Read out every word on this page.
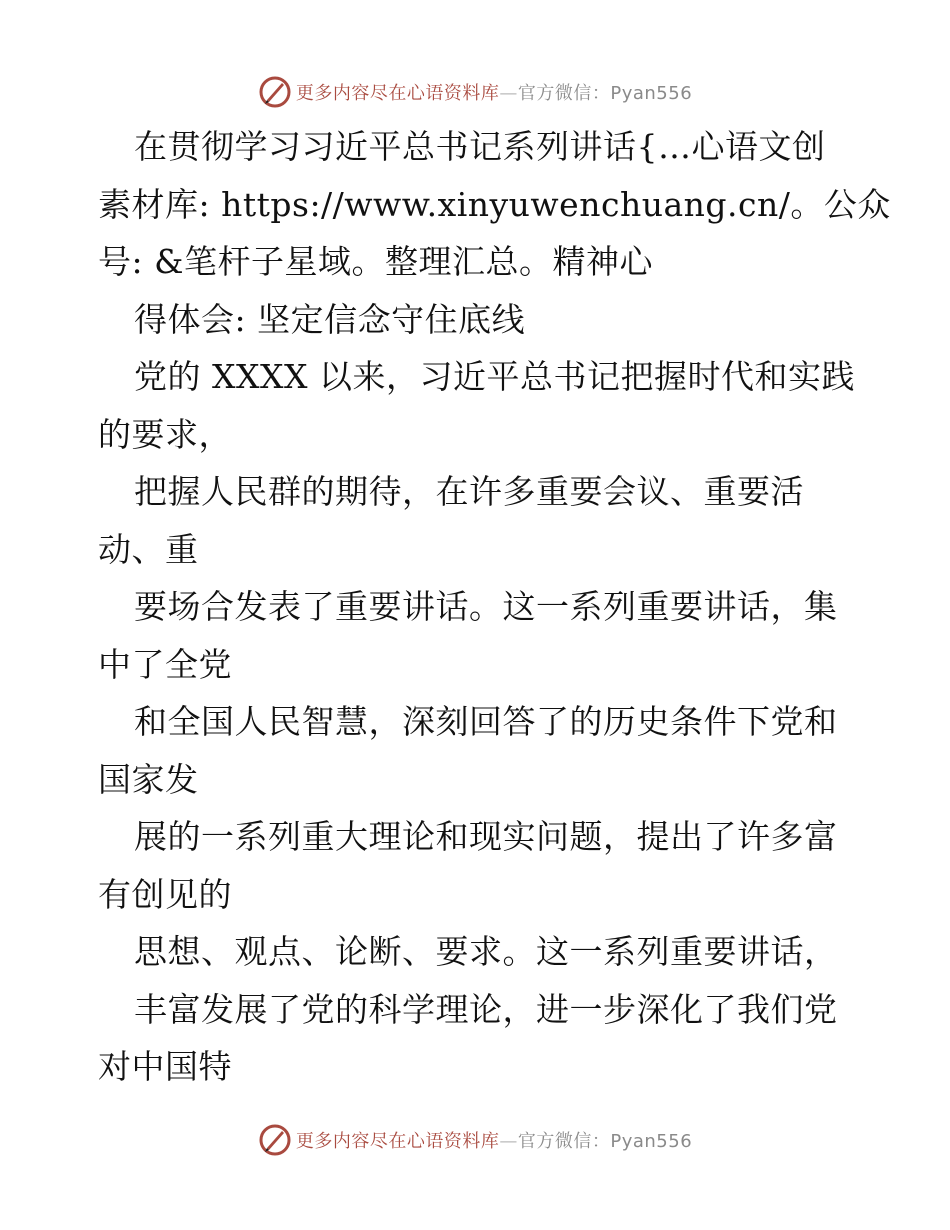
更多内容尽在心语资料库—官方微信：Pyan556
在贯彻学习习近平总书记系列讲话{…心语文创
素材库: https://www.xinyuwenchuang.cn/。公众
号: &笔杆子星域。整理汇总。精神心
得体会: 坚定信念守住底线
党的 XXXX 以来，习近平总书记把握时代和实践
的要求，
把握人民群的期待，在许多重要会议、重要活
动、重
要场合发表了重要讲话。这一系列重要讲话，集
中了全党
和全国人民智慧，深刻回答了的历史条件下党和
国家发
展的一系列重大理论和现实问题，提出了许多富
有创见的
思想、观点、论断、要求。这一系列重要讲话，
丰富发展了党的科学理论，进一步深化了我们党
对中国特
更多内容尽在心语资料库—官方微信：Pyan556
